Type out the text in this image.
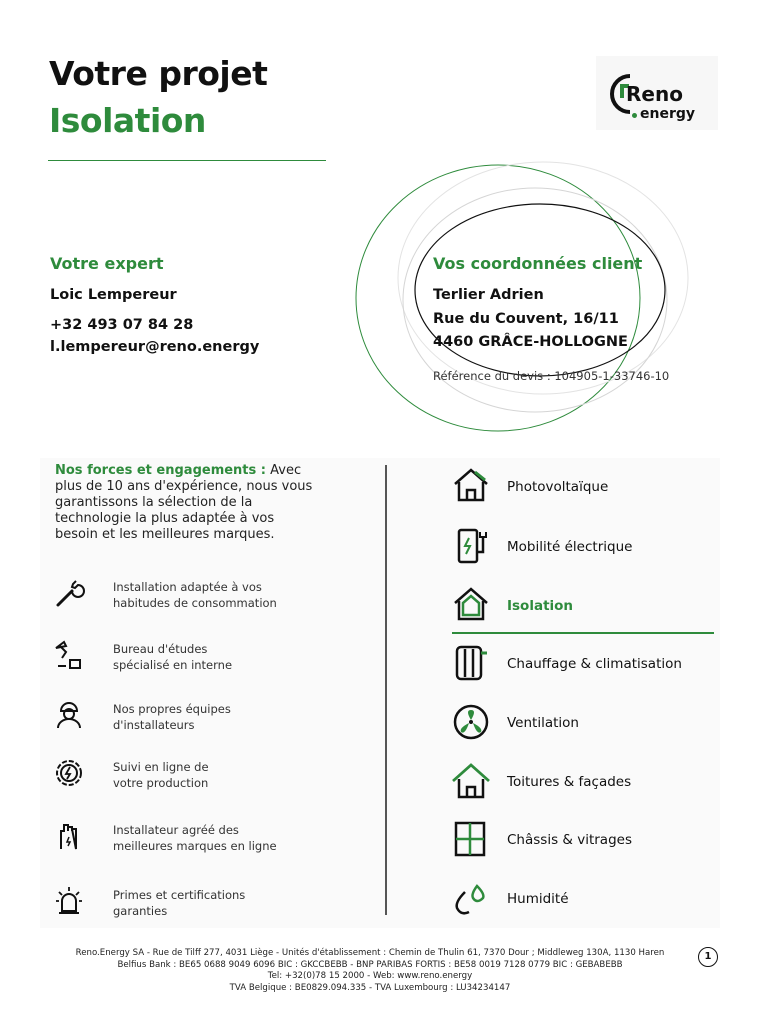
Votre projet
Isolation
Reno
energy
Votre expert
Loic Lempereur
+32 493 07 84 28
l.lempereur@reno.energy
Vos coordonnées client
Terlier Adrien
Rue du Couvent, 16/11
4460 GRÂCE-HOLLOGNE
Référence du devis : 104905-1-33746-10
Nos forces et engagements : Avec plus de 10 ans d'expérience, nous vous garantissons la sélection de la technologie la plus adaptée à vos besoin et les meilleures marques.
Installation adaptée à vos
habitudes de consommation
Bureau d'études
spécialisé en interne
Nos propres équipes
d'installateurs
Suivi en ligne de
votre production
Installateur agréé des
meilleures marques en ligne
Primes et certifications
garanties
Photovoltaïque
Mobilité électrique
Isolation
Chauffage & climatisation
Ventilation
Toitures & façades
Châssis & vitrages
Humidité
Reno.Energy SA - Rue de Tilff 277, 4031 Liège - Unités d'établissement : Chemin de Thulin 61, 7370 Dour ; Middleweg 130A, 1130 Haren
Belfius Bank : BE65 0688 9049 6096 BIC : GKCCBEBB - BNP PARIBAS FORTIS : BE58 0019 7128 0779 BIC : GEBABEBB
Tel: +32(0)78 15 2000 - Web: www.reno.energy
TVA Belgique : BE0829.094.335 - TVA Luxembourg : LU34234147
1
